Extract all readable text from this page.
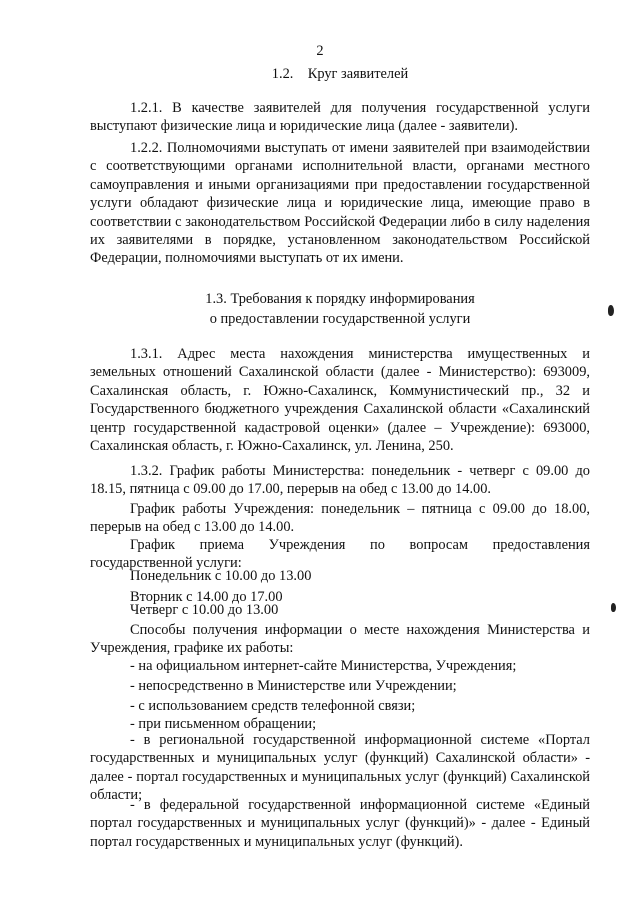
2
1.2.    Круг заявителей

1.2.1. В качестве заявителей для получения государственной услуги выступают физические лица и юридические лица (далее - заявители).

1.2.2. Полномочиями выступать от имени заявителей при взаимодействии с соответствующими органами исполнительной власти, органами местного самоуправления и иными организациями при предоставлении государственной услуги обладают физические лица и юридические лица, имеющие право в соответствии с законодательством Российской Федерации либо в силу наделения их заявителями в порядке, установленном законодательством Российской Федерации, полномочиями выступать от их имени.

1.3. Требования к порядку информирования
о предоставлении государственной услуги

1.3.1. Адрес места нахождения министерства имущественных и земельных отношений Сахалинской области (далее - Министерство): 693009, Сахалинская область, г. Южно-Сахалинск, Коммунистический пр., 32 и Государственного бюджетного учреждения Сахалинской области «Сахалинский центр государственной кадастровой оценки» (далее – Учреждение): 693000, Сахалинская область, г. Южно-Сахалинск, ул. Ленина, 250.

1.3.2. График работы Министерства: понедельник - четверг с 09.00 до 18.15, пятница с 09.00 до 17.00, перерыв на обед с 13.00 до 14.00.

График работы Учреждения: понедельник – пятница с 09.00 до 18.00, перерыв на обед с 13.00 до 14.00.

График приема Учреждения по вопросам предоставления государственной услуги:

Понедельник с 10.00 до 13.00
Вторник с 14.00 до 17.00
Четверг с 10.00 до 13.00

Способы получения информации о месте нахождения Министерства и Учреждения, графике их работы:

- на официальном интернет-сайте Министерства, Учреждения;
- непосредственно в Министерстве или Учреждении;
- с использованием средств телефонной связи;
- при письменном обращении;

- в региональной государственной информационной системе «Портал государственных и муниципальных услуг (функций) Сахалинской области» - далее - портал государственных и муниципальных услуг (функций) Сахалинской области;

- в федеральной государственной информационной системе «Единый портал государственных и муниципальных услуг (функций)» - далее - Единый портал государственных и муниципальных услуг (функций).
